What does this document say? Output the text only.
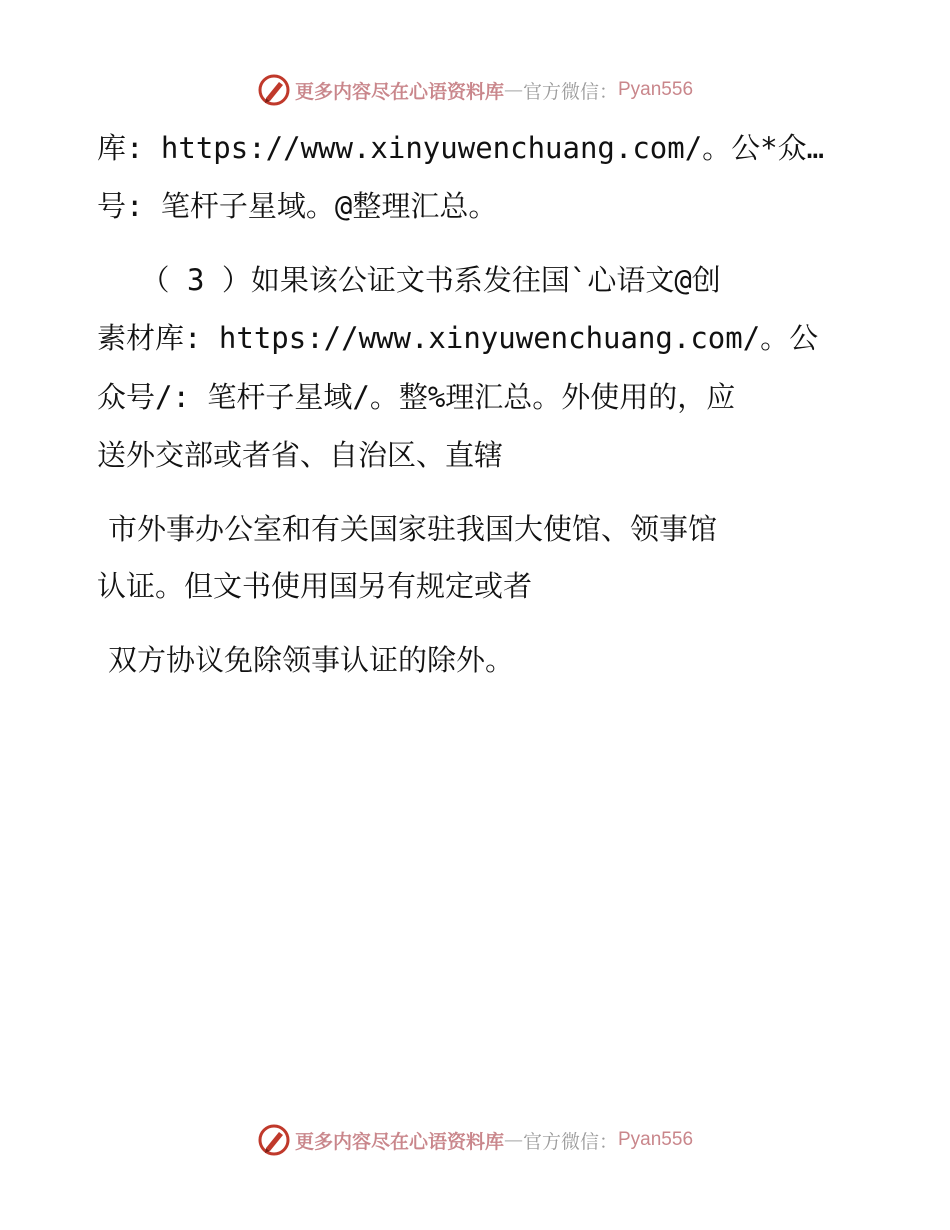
更多内容尽在心语资料库 — 官方微信： Pyan556
库: https://www.xinyuwenchuang.com/。公*众…
号: 笔杆子星域。@整理汇总。
　　（ 3 ）如果该公证文书系发往国`心语文@创
素材库: https://www.xinyuwenchuang.com/。公
众号/: 笔杆子星域/。整%理汇总。外使用的，应
送外交部或者省、自治区、直辖
市外事办公室和有关国家驻我国大使馆、领事馆
认证。但文书使用国另有规定或者
双方协议免除领事认证的除外。
更多内容尽在心语资料库 — 官方微信： Pyan556
